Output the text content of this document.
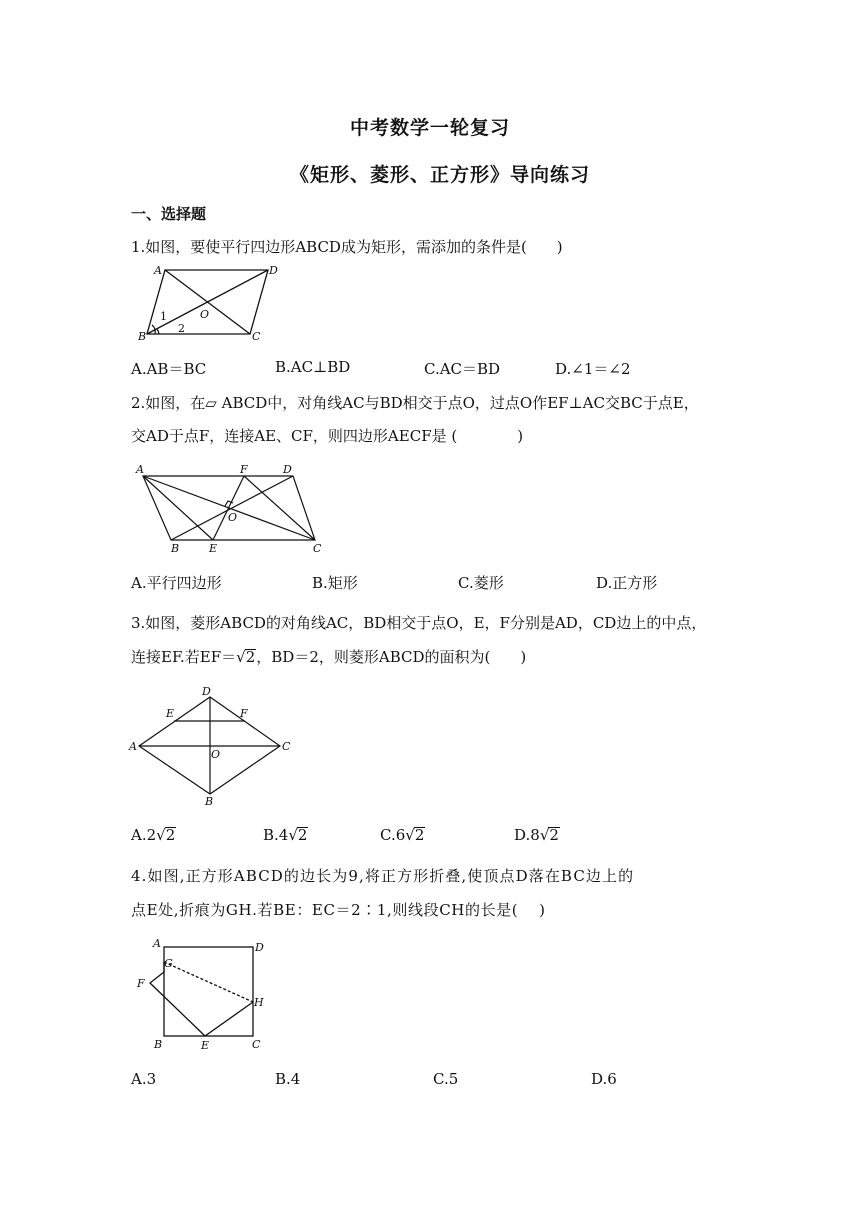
中考数学一轮复习
《矩形、菱形、正方形》导向练习
一、选择题
1.如图，要使平行四边形ABCD成为矩形，需添加的条件是(　　)
A	D
B	C
O
1
2
A.AB＝BC	B.AC⊥BD	C.AC＝BD	D.∠1＝∠2
2.如图，在▱ ABCD中，对角线AC与BD相交于点O，过点O作EF⊥AC交BC于点E，
交AD于点F，连接AE、CF，则四边形AECF是 (　　　　)
A	F	D
O
B	E	C
A.平行四边形	B.矩形	C.菱形	D.正方形
3.如图，菱形ABCD的对角线AC，BD相交于点O，E，F分别是AD，CD边上的中点，
连接EF.若EF＝√2，BD＝2，则菱形ABCD的面积为(　　)
D
E	F
A	C
O
B
A.2√2	B.4√2	C.6√2	D.8√2
4.如图,正方形ABCD的边长为9,将正方形折叠,使顶点D落在BC边上的
点E处,折痕为GH.若BE：EC＝2∶1,则线段CH的长是(　 )
A	D
G
F
H
B	E	C
A.3	B.4	C.5	D.6
